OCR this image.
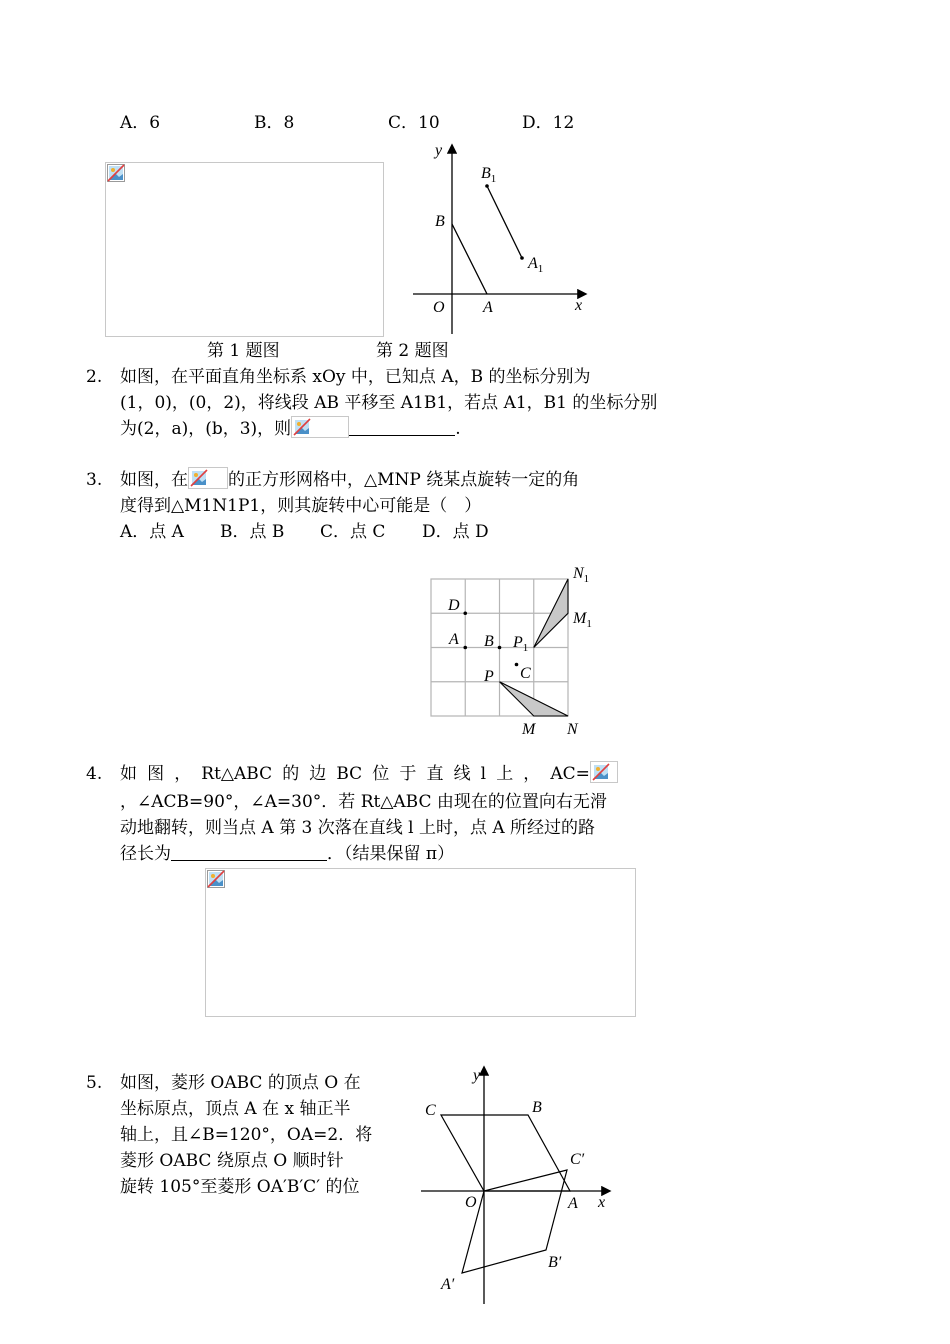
A．6	B．8	C．10	D．12
y
x
$B_1$
B
$A_1$
O A
第 1 题图	第 2 题图
2. 如图，在平面直角坐标系 xOy 中，已知点 A，B 的坐标分别为
(1，0)，(0，2)，将线段 AB 平移至 A1B1，若点 A1，B1 的坐标分别
为(2，a)，(b，3)，则	.
3. 如图，在 的正方形网格中，△MNP 绕某点旋转一定的角
度得到△M1N1P1，则其旋转中心可能是（　）
A．点 A B．点 B C．点 C D．点 D
$N_1$
$M_1$
D
A B $P_1$
C
P
M N
4. 如 图 ， Rt△ABC 的 边 BC 位 于 直 线 l 上 ， AC=
，∠ACB=90°，∠A=30°．若 Rt△ABC 由现在的位置向右无滑
动地翻转，则当点 A 第 3 次落在直线 l 上时，点 A 所经过的路
径长为	．（结果保留 π）
5. 如图，菱形 OABC 的顶点 O 在
坐标原点，顶点 A 在 x 轴正半
轴上，且∠B=120°，OA=2．将
菱形 OABC 绕原点 O 顺时针
旋转 105°至菱形 OA′B′C′ 的位
y
x
C	B
C′
O	A
B′
A′
